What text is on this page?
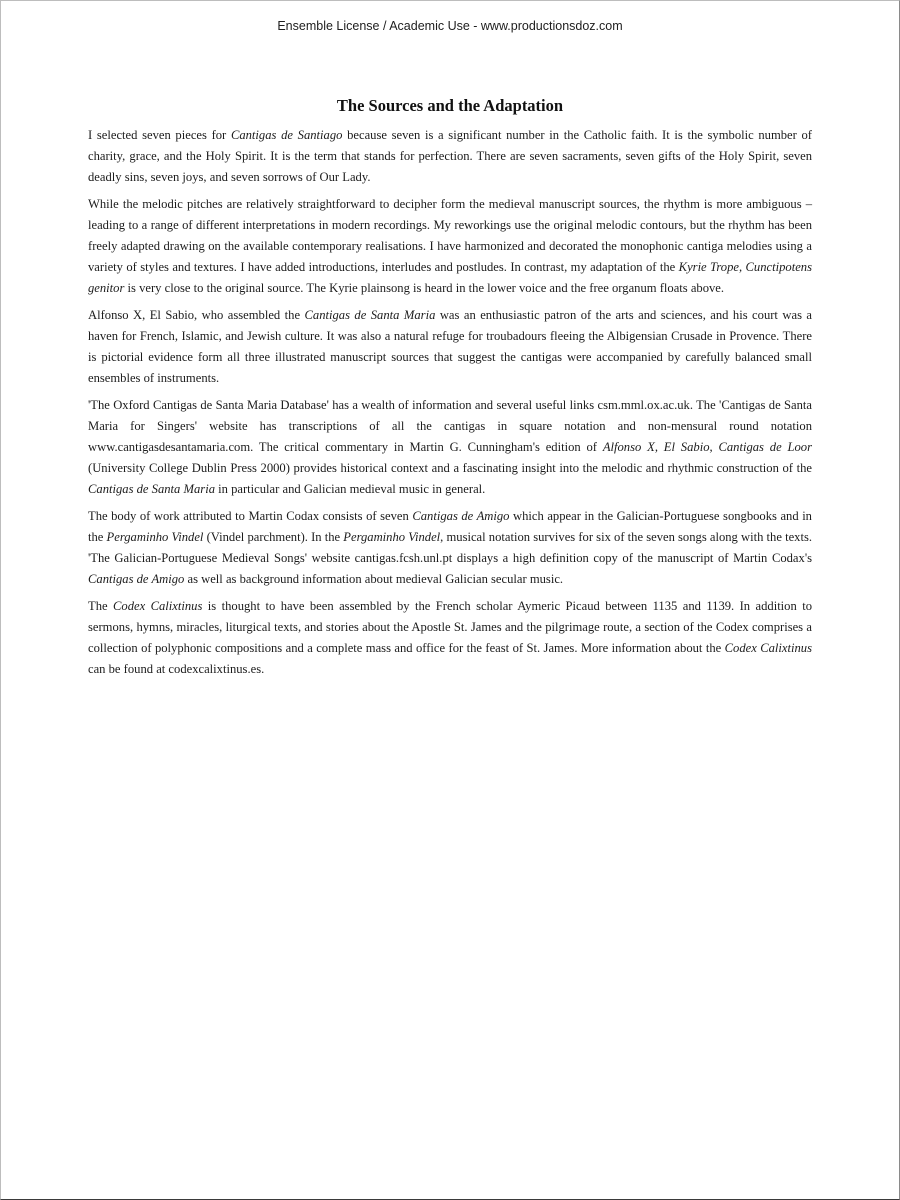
Ensemble License / Academic Use - www.productionsdoz.com
The Sources and the Adaptation

I selected seven pieces for Cantigas de Santiago because seven is a significant number in the Catholic faith. It is the symbolic number of charity, grace, and the Holy Spirit. It is the term that stands for perfection. There are seven sacraments, seven gifts of the Holy Spirit, seven deadly sins, seven joys, and seven sorrows of Our Lady.

While the melodic pitches are relatively straightforward to decipher form the medieval manuscript sources, the rhythm is more ambiguous – leading to a range of different interpretations in modern recordings. My reworkings use the original melodic contours, but the rhythm has been freely adapted drawing on the available contemporary realisations. I have harmonized and decorated the monophonic cantiga melodies using a variety of styles and textures. I have added introductions, interludes and postludes. In contrast, my adaptation of the Kyrie Trope, Cunctipotens genitor is very close to the original source. The Kyrie plainsong is heard in the lower voice and the free organum floats above.

Alfonso X, El Sabio, who assembled the Cantigas de Santa Maria was an enthusiastic patron of the arts and sciences, and his court was a haven for French, Islamic, and Jewish culture. It was also a natural refuge for troubadours fleeing the Albigensian Crusade in Provence. There is pictorial evidence form all three illustrated manuscript sources that suggest the cantigas were accompanied by carefully balanced small ensembles of instruments.

'The Oxford Cantigas de Santa Maria Database' has a wealth of information and several useful links csm.mml.ox.ac.uk. The 'Cantigas de Santa Maria for Singers' website has transcriptions of all the cantigas in square notation and non-mensural round notation www.cantigasdesantamaria.com. The critical commentary in Martin G. Cunningham's edition of Alfonso X, El Sabio, Cantigas de Loor (University College Dublin Press 2000) provides historical context and a fascinating insight into the melodic and rhythmic construction of the Cantigas de Santa Maria in particular and Galician medieval music in general.

The body of work attributed to Martin Codax consists of seven Cantigas de Amigo which appear in the Galician-Portuguese songbooks and in the Pergaminho Vindel (Vindel parchment). In the Pergaminho Vindel, musical notation survives for six of the seven songs along with the texts. 'The Galician-Portuguese Medieval Songs' website cantigas.fcsh.unl.pt displays a high definition copy of the manuscript of Martin Codax's Cantigas de Amigo as well as background information about medieval Galician secular music.

The Codex Calixtinus is thought to have been assembled by the French scholar Aymeric Picaud between 1135 and 1139. In addition to sermons, hymns, miracles, liturgical texts, and stories about the Apostle St. James and the pilgrimage route, a section of the Codex comprises a collection of polyphonic compositions and a complete mass and office for the feast of St. James. More information about the Codex Calixtinus can be found at codexcalixtinus.es.
